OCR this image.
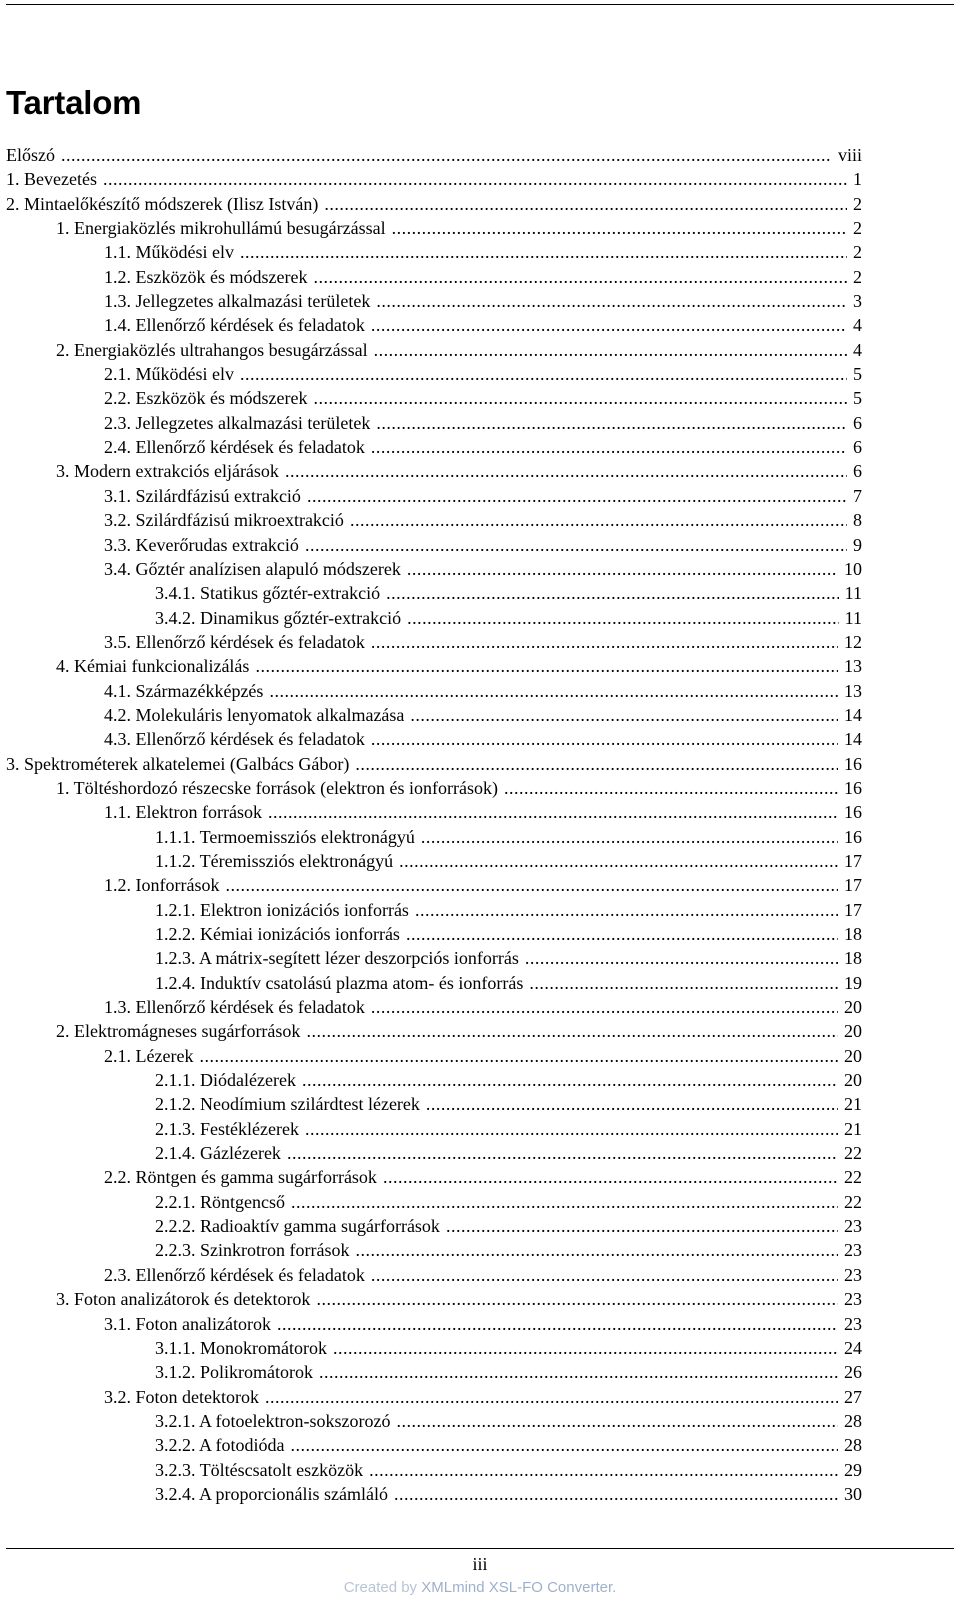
Tartalom
Előszó .....	viii
1. Bevezetés .....	1
2. Mintaelőkészítő módszerek (Ilisz István) .....	2
1. Energiaközlés mikrohullámú besugárzással .....	2
1.1. Működési elv .....	2
1.2. Eszközök és módszerek .....	2
1.3. Jellegzetes alkalmazási területek .....	3
1.4. Ellenőrző kérdések és feladatok .....	4
2. Energiaközlés ultrahangos besugárzással .....	4
2.1. Működési elv .....	5
2.2. Eszközök és módszerek .....	5
2.3. Jellegzetes alkalmazási területek .....	6
2.4. Ellenőrző kérdések és feladatok .....	6
3. Modern extrakciós eljárások .....	6
3.1. Szilárdfázisú extrakció .....	7
3.2. Szilárdfázisú mikroextrakció .....	8
3.3. Keverőrudas extrakció .....	9
3.4. Gőztér analízisen alapuló módszerek .....	10
3.4.1. Statikus gőztér-extrakció .....	11
3.4.2. Dinamikus gőztér-extrakció .....	11
3.5. Ellenőrző kérdések és feladatok .....	12
4. Kémiai funkcionalizálás .....	13
4.1. Származékképzés .....	13
4.2. Molekuláris lenyomatok alkalmazása .....	14
4.3. Ellenőrző kérdések és feladatok .....	14
3. Spektrométerek alkatelemei (Galbács Gábor) .....	16
1. Töltéshordozó részecske források (elektron és ionforrások) .....	16
1.1. Elektron források .....	16
1.1.1. Termoemissziós elektronágyú .....	16
1.1.2. Téremissziós elektronágyú .....	17
1.2. Ionforrások .....	17
1.2.1. Elektron ionizációs ionforrás .....	17
1.2.2. Kémiai ionizációs ionforrás .....	18
1.2.3. A mátrix-segített lézer deszorpciós ionforrás .....	18
1.2.4. Induktív csatolású plazma atom- és ionforrás .....	19
1.3. Ellenőrző kérdések és feladatok .....	20
2. Elektromágneses sugárforrások .....	20
2.1. Lézerek .....	20
2.1.1. Diódalézerek .....	20
2.1.2. Neodímium szilárdtest lézerek .....	21
2.1.3. Festéklézerek .....	21
2.1.4. Gázlézerek .....	22
2.2. Röntgen és gamma sugárforrások .....	22
2.2.1. Röntgencső .....	22
2.2.2. Radioaktív gamma sugárforrások .....	23
2.2.3. Szinkrotron források .....	23
2.3. Ellenőrző kérdések és feladatok .....	23
3. Foton analizátorok és detektorok .....	23
3.1. Foton analizátorok .....	23
3.1.1. Monokromátorok .....	24
3.1.2. Polikromátorok .....	26
3.2. Foton detektorok .....	27
3.2.1. A fotoelektron-sokszorozó .....	28
3.2.2. A fotodióda .....	28
3.2.3. Töltéscsatolt eszközök .....	29
3.2.4. A proporcionális számláló .....	30
iii
Created by XMLmind XSL-FO Converter.
